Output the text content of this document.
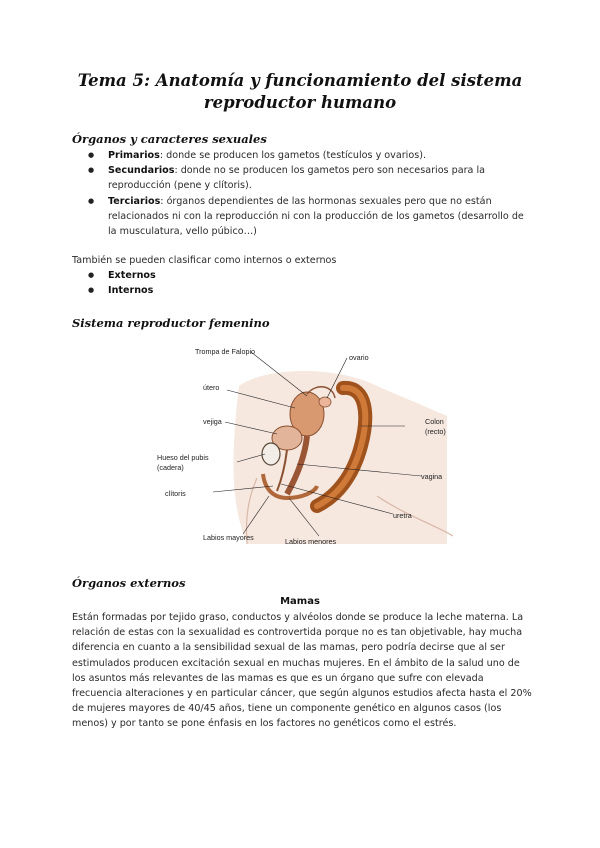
Tema 5: Anatomía y funcionamiento del sistema reproductor humano
Órganos y caracteres sexuales
● Primarios: donde se producen los gametos (testículos y ovarios).
● Secundarios: donde no se producen los gametos pero son necesarios para la reproducción (pene y clítoris).
● Terciarios: órganos dependientes de las hormonas sexuales pero que no están relacionados ni con la reproducción ni con la producción de los gametos (desarrollo de la musculatura, vello púbico…)
También se pueden clasificar como internos o externos
● Externos
● Internos
Sistema reproductor femenino
Trompa de Falopio
ovario
útero
vejiga	Colon
(recto)
Hueso del pubis
(cadera)
vagina
clítoris
uretra
Labios mayores	Labios menores
Órganos externos
Mamas
Están formadas por tejido graso, conductos y alvéolos donde se produce la leche materna. La relación de estas con la sexualidad es controvertida porque no es tan objetivable, hay mucha diferencia en cuanto a la sensibilidad sexual de las mamas, pero podría decirse que al ser estimulados producen excitación sexual en muchas mujeres. En el ámbito de la salud uno de los asuntos más relevantes de las mamas es que es un órgano que sufre con elevada frecuencia alteraciones y en particular cáncer, que según algunos estudios afecta hasta el 20% de mujeres mayores de 40/45 años, tiene un componente genético en algunos casos (los menos) y por tanto se pone énfasis en los factores no genéticos como el estrés.
